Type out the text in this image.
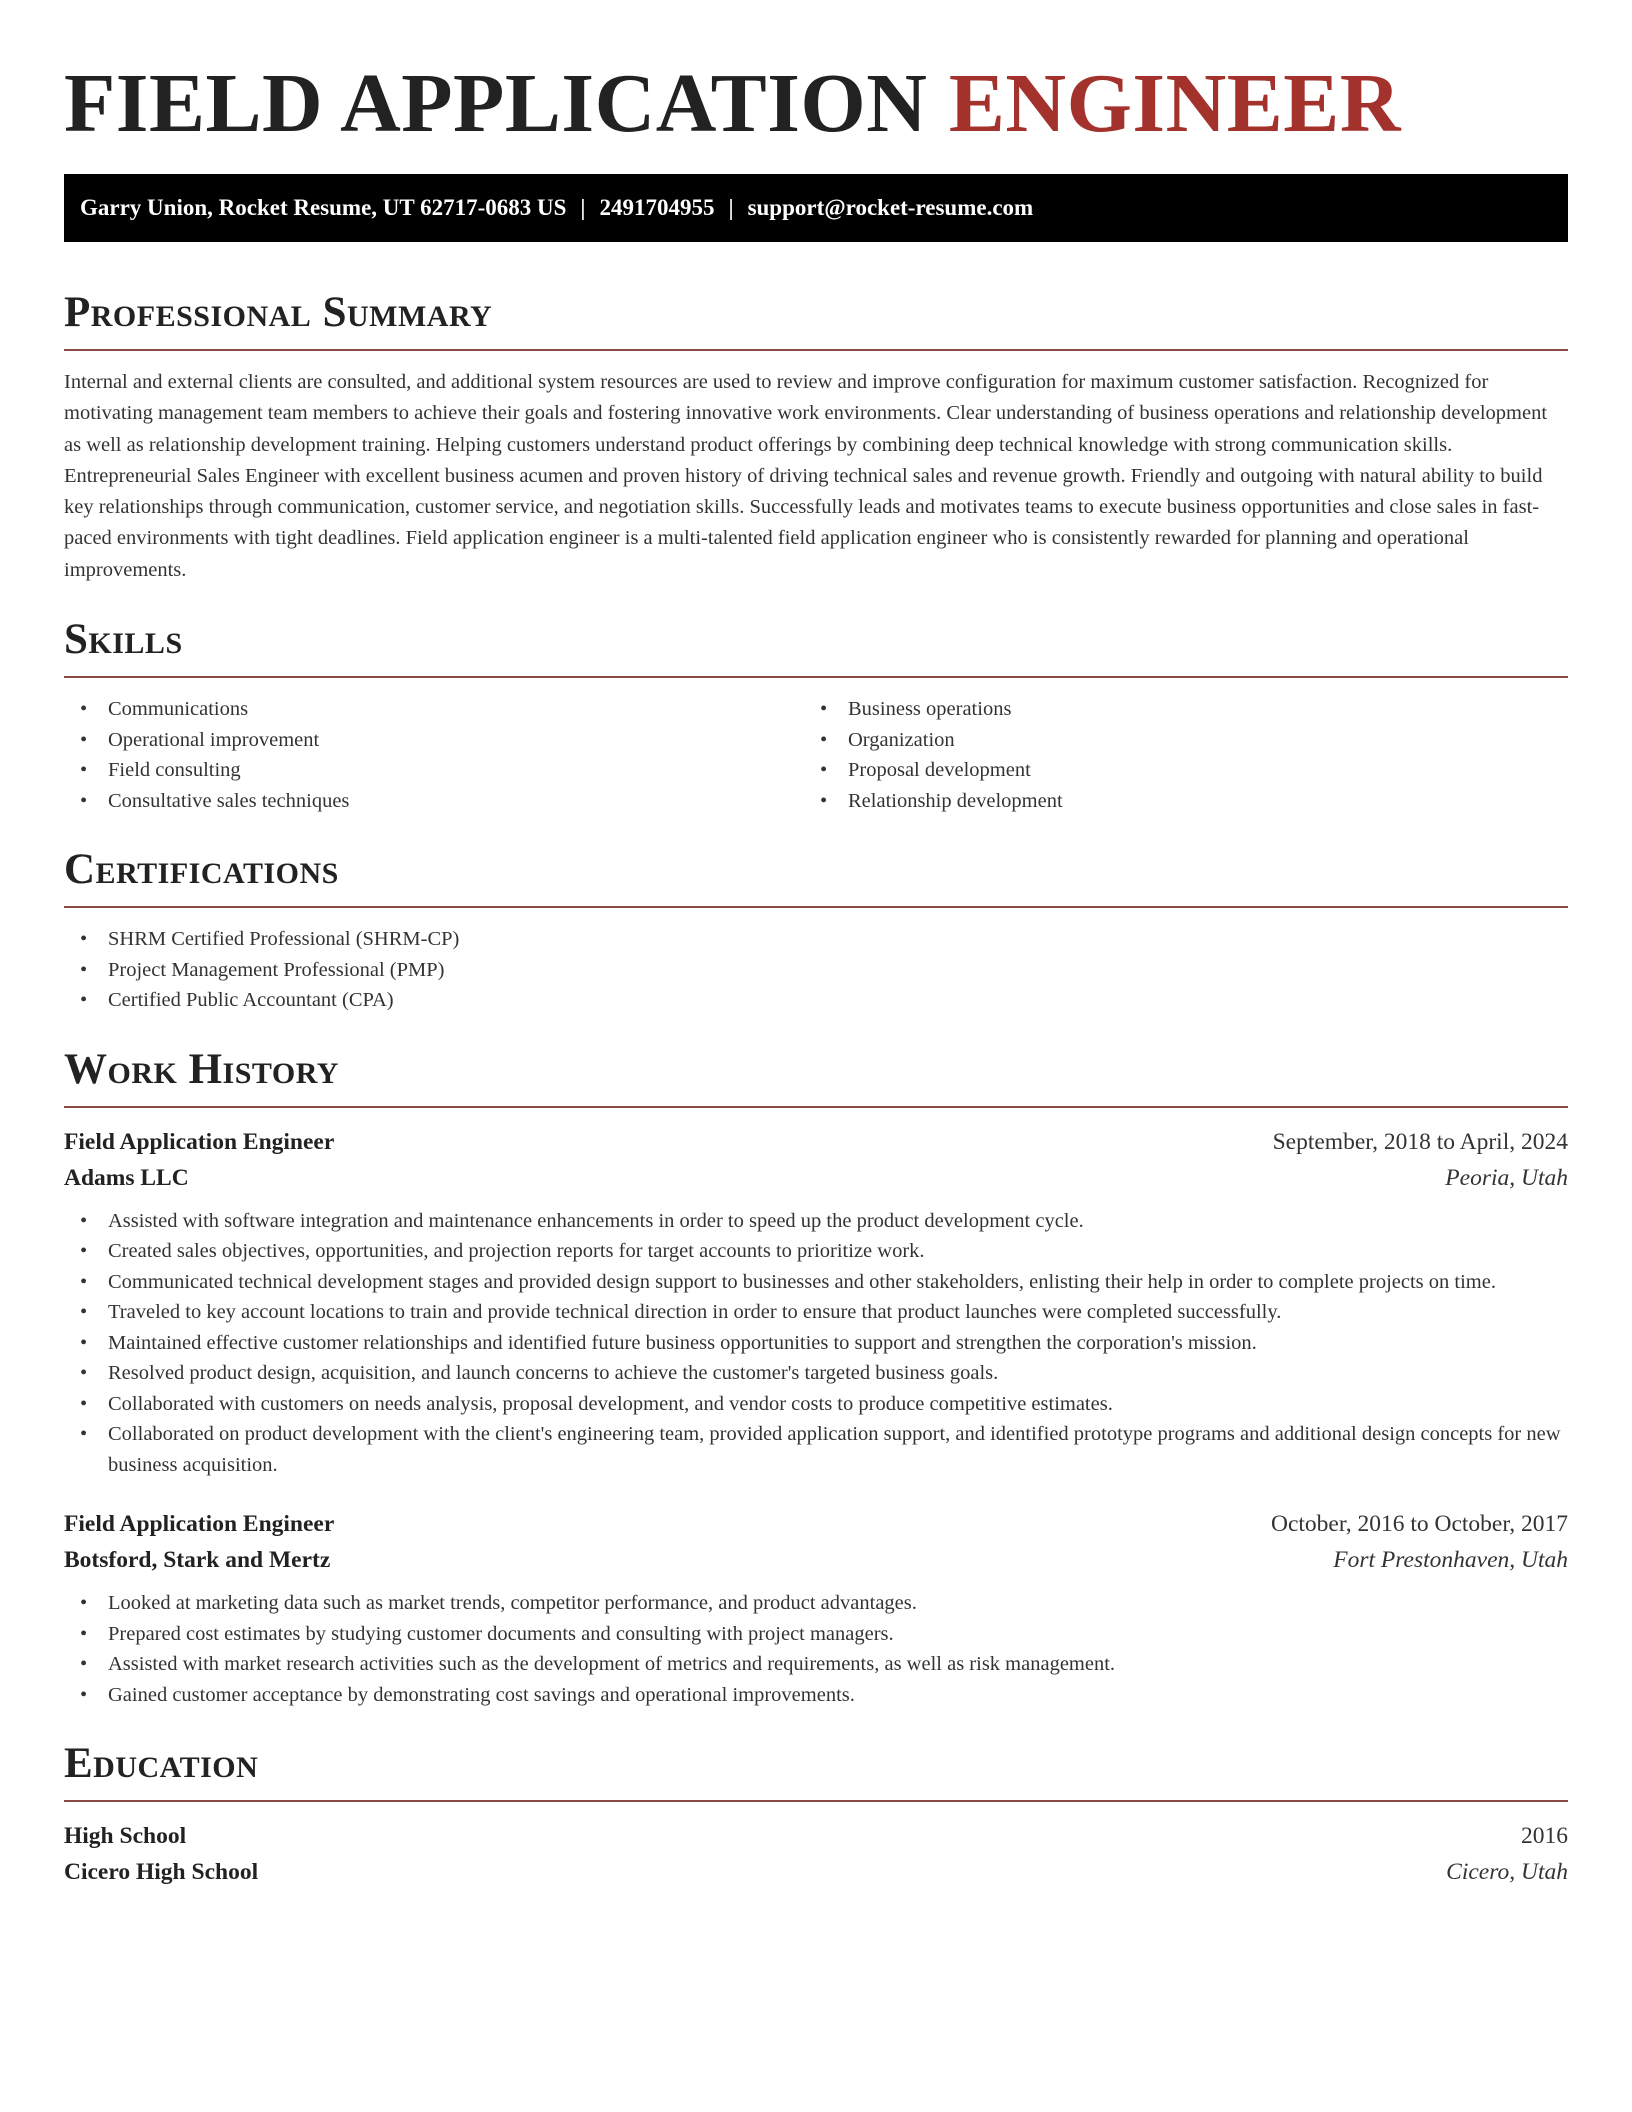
FIELD APPLICATION ENGINEER
Garry Union, Rocket Resume, UT 62717-0683 US | 2491704955 | support@rocket-resume.com
Professional Summary

Internal and external clients are consulted, and additional system resources are used to review and improve configuration for maximum customer satisfaction. Recognized for motivating management team members to achieve their goals and fostering innovative work environments. Clear understanding of business operations and relationship development as well as relationship development training. Helping customers understand product offerings by combining deep technical knowledge with strong communication skills. Entrepreneurial Sales Engineer with excellent business acumen and proven history of driving technical sales and revenue growth. Friendly and outgoing with natural ability to build key relationships through communication, customer service, and negotiation skills. Successfully leads and motivates teams to execute business opportunities and close sales in fast-paced environments with tight deadlines. Field application engineer is a multi-talented field application engineer who is consistently rewarded for planning and operational improvements.

Skills
• Communications
• Operational improvement
• Field consulting
• Consultative sales techniques
• Business operations
• Organization
• Proposal development
• Relationship development
Certifications
• SHRM Certified Professional (SHRM-CP)
• Project Management Professional (PMP)
• Certified Public Accountant (CPA)
Work History
Field Application Engineer	September, 2018 to April, 2024
Adams LLC	Peoria, Utah
• Assisted with software integration and maintenance enhancements in order to speed up the product development cycle.
• Created sales objectives, opportunities, and projection reports for target accounts to prioritize work.
• Communicated technical development stages and provided design support to businesses and other stakeholders, enlisting their help in order to complete projects on time.
• Traveled to key account locations to train and provide technical direction in order to ensure that product launches were completed successfully.
• Maintained effective customer relationships and identified future business opportunities to support and strengthen the corporation's mission.
• Resolved product design, acquisition, and launch concerns to achieve the customer's targeted business goals.
• Collaborated with customers on needs analysis, proposal development, and vendor costs to produce competitive estimates.
• Collaborated on product development with the client's engineering team, provided application support, and identified prototype programs and additional design concepts for new business acquisition.
Field Application Engineer	October, 2016 to October, 2017
Botsford, Stark and Mertz	Fort Prestonhaven, Utah
• Looked at marketing data such as market trends, competitor performance, and product advantages.
• Prepared cost estimates by studying customer documents and consulting with project managers.
• Assisted with market research activities such as the development of metrics and requirements, as well as risk management.
• Gained customer acceptance by demonstrating cost savings and operational improvements.
Education
High School	2016
Cicero High School	Cicero, Utah
